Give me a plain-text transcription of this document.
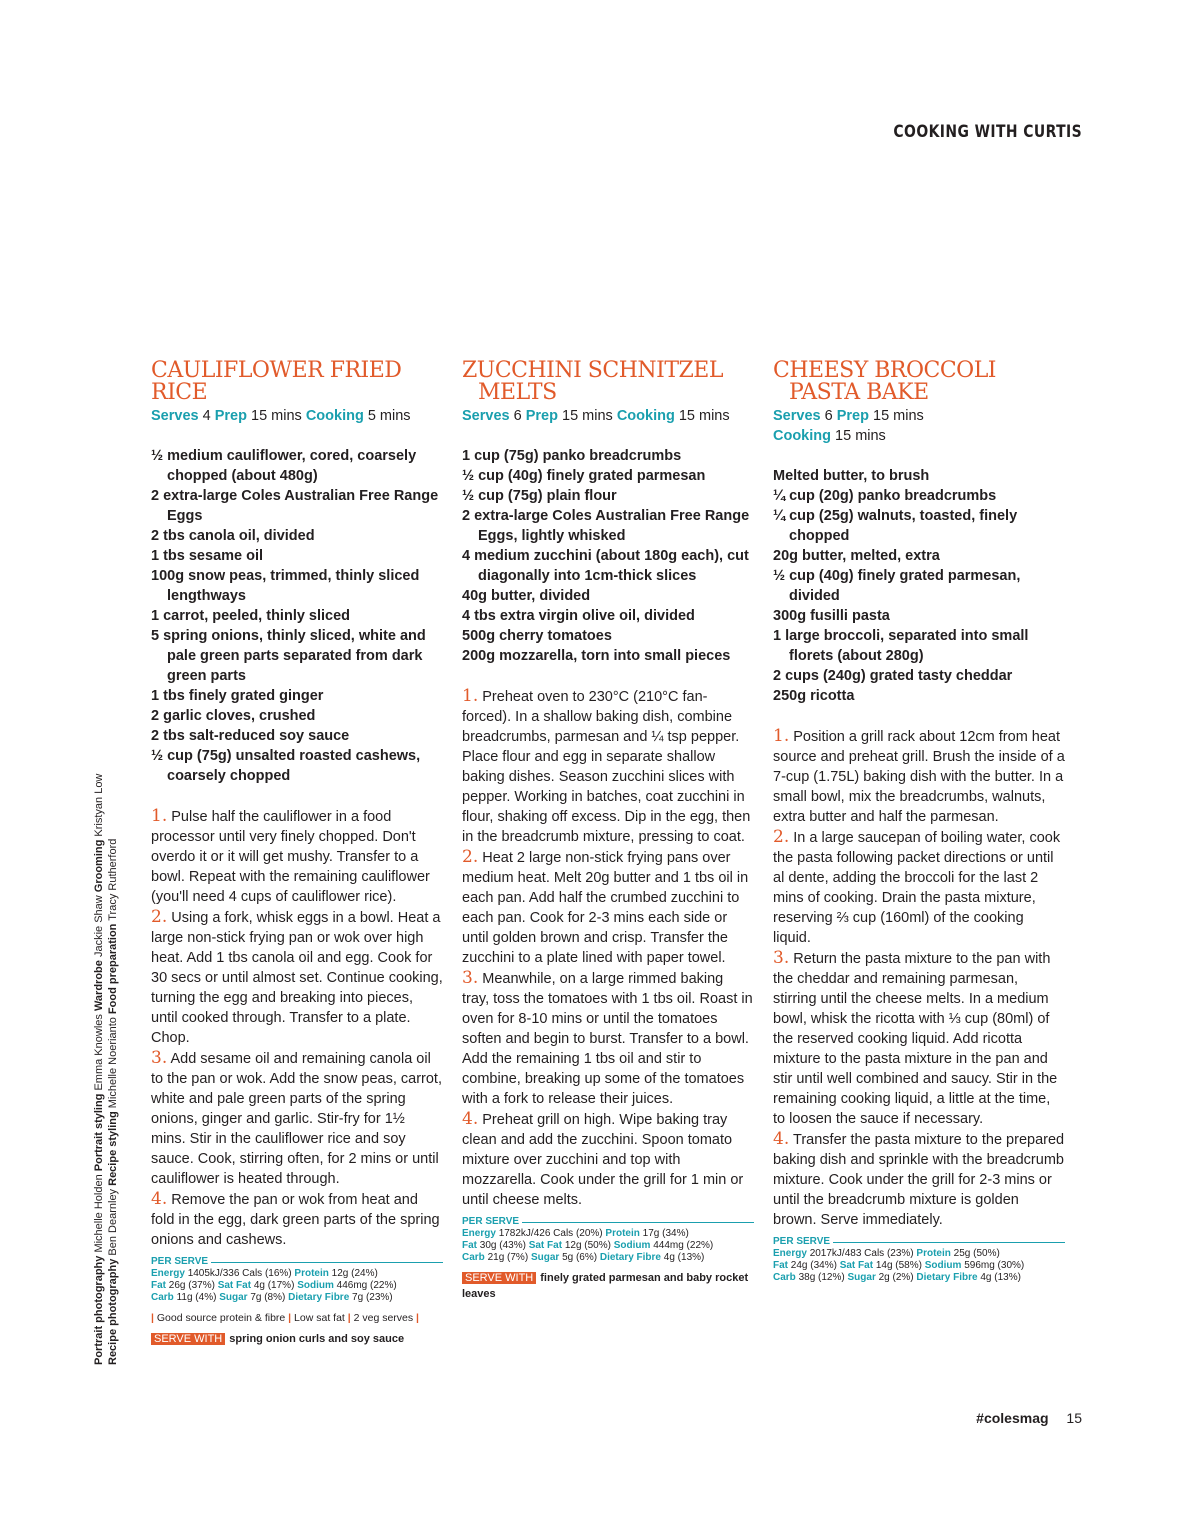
COOKING WITH CURTIS
CAULIFLOWER FRIED RICE
Serves 4 Prep 15 mins Cooking 5 mins
½ medium cauliflower, cored, coarsely chopped (about 480g)
2 extra-large Coles Australian Free Range Eggs
2 tbs canola oil, divided
1 tbs sesame oil
100g snow peas, trimmed, thinly sliced lengthways
1 carrot, peeled, thinly sliced
5 spring onions, thinly sliced, white and pale green parts separated from dark green parts
1 tbs finely grated ginger
2 garlic cloves, crushed
2 tbs salt-reduced soy sauce
½ cup (75g) unsalted roasted cashews, coarsely chopped
1. Pulse half the cauliflower in a food processor until very finely chopped. Don't overdo it or it will get mushy. Transfer to a bowl. Repeat with the remaining cauliflower (you'll need 4 cups of cauliflower rice).
2. Using a fork, whisk eggs in a bowl. Heat a large non-stick frying pan or wok over high heat. Add 1 tbs canola oil and egg. Cook for 30 secs or until almost set. Continue cooking, turning the egg and breaking into pieces, until cooked through. Transfer to a plate. Chop.
3. Add sesame oil and remaining canola oil to the pan or wok. Add the snow peas, carrot, white and pale green parts of the spring onions, ginger and garlic. Stir-fry for 1½ mins. Stir in the cauliflower rice and soy sauce. Cook, stirring often, for 2 mins or until cauliflower is heated through.
4. Remove the pan or wok from heat and fold in the egg, dark green parts of the spring onions and cashews.
PER SERVE
Energy 1405kJ/336 Cals (16%) Protein 12g (24%)
Fat 26g (37%) Sat Fat 4g (17%) Sodium 446mg (22%)
Carb 11g (4%) Sugar 7g (8%) Dietary Fibre 7g (23%)
| Good source protein & fibre | Low sat fat | 2 veg serves |
SERVE WITH spring onion curls and soy sauce
ZUCCHINI SCHNITZEL
MELTS
Serves 6 Prep 15 mins Cooking 15 mins
1 cup (75g) panko breadcrumbs
½ cup (40g) finely grated parmesan
½ cup (75g) plain flour
2 extra-large Coles Australian Free Range Eggs, lightly whisked
4 medium zucchini (about 180g each), cut diagonally into 1cm-thick slices
40g butter, divided
4 tbs extra virgin olive oil, divided
500g cherry tomatoes
200g mozzarella, torn into small pieces
1. Preheat oven to 230°C (210°C fan-forced). In a shallow baking dish, combine breadcrumbs, parmesan and ¼ tsp pepper. Place flour and egg in separate shallow baking dishes. Season zucchini slices with pepper. Working in batches, coat zucchini in flour, shaking off excess. Dip in the egg, then in the breadcrumb mixture, pressing to coat.
2. Heat 2 large non-stick frying pans over medium heat. Melt 20g butter and 1 tbs oil in each pan. Add half the crumbed zucchini to each pan. Cook for 2-3 mins each side or until golden brown and crisp. Transfer the zucchini to a plate lined with paper towel.
3. Meanwhile, on a large rimmed baking tray, toss the tomatoes with 1 tbs oil. Roast in oven for 8-10 mins or until the tomatoes soften and begin to burst. Transfer to a bowl. Add the remaining 1 tbs oil and stir to combine, breaking up some of the tomatoes with a fork to release their juices.
4. Preheat grill on high. Wipe baking tray clean and add the zucchini. Spoon tomato mixture over zucchini and top with mozzarella. Cook under the grill for 1 min or until cheese melts.
PER SERVE
Energy 1782kJ/426 Cals (20%) Protein 17g (34%)
Fat 30g (43%) Sat Fat 12g (50%) Sodium 444mg (22%)
Carb 21g (7%) Sugar 5g (6%) Dietary Fibre 4g (13%)
SERVE WITH finely grated parmesan and baby rocket leaves
CHEESY BROCCOLI
PASTA BAKE
Serves 6 Prep 15 mins
Cooking 15 mins
Melted butter, to brush
¼ cup (20g) panko breadcrumbs
¼ cup (25g) walnuts, toasted, finely chopped
20g butter, melted, extra
½ cup (40g) finely grated parmesan, divided
300g fusilli pasta
1 large broccoli, separated into small florets (about 280g)
2 cups (240g) grated tasty cheddar
250g ricotta
1. Position a grill rack about 12cm from heat source and preheat grill. Brush the inside of a 7-cup (1.75L) baking dish with the butter. In a small bowl, mix the breadcrumbs, walnuts, extra butter and half the parmesan.
2. In a large saucepan of boiling water, cook the pasta following packet directions or until al dente, adding the broccoli for the last 2 mins of cooking. Drain the pasta mixture, reserving ⅔ cup (160ml) of the cooking liquid.
3. Return the pasta mixture to the pan with the cheddar and remaining parmesan, stirring until the cheese melts. In a medium bowl, whisk the ricotta with ⅓ cup (80ml) of the reserved cooking liquid. Add ricotta mixture to the pasta mixture in the pan and stir until well combined and saucy. Stir in the remaining cooking liquid, a little at the time, to loosen the sauce if necessary.
4. Transfer the pasta mixture to the prepared baking dish and sprinkle with the breadcrumb mixture. Cook under the grill for 2-3 mins or until the breadcrumb mixture is golden brown. Serve immediately.
PER SERVE
Energy 2017kJ/483 Cals (23%) Protein 25g (50%)
Fat 24g (34%) Sat Fat 14g (58%) Sodium 596mg (30%)
Carb 38g (12%) Sugar 2g (2%) Dietary Fibre 4g (13%)
Portrait photography Michelle Holden Portrait styling Emma Knowles Wardrobe Jackie Shaw Grooming Kristyan Low
Recipe photography Ben Dearnley Recipe styling Michelle Noerianto Food preparation Tracy Rutherford
#colesmag 15
